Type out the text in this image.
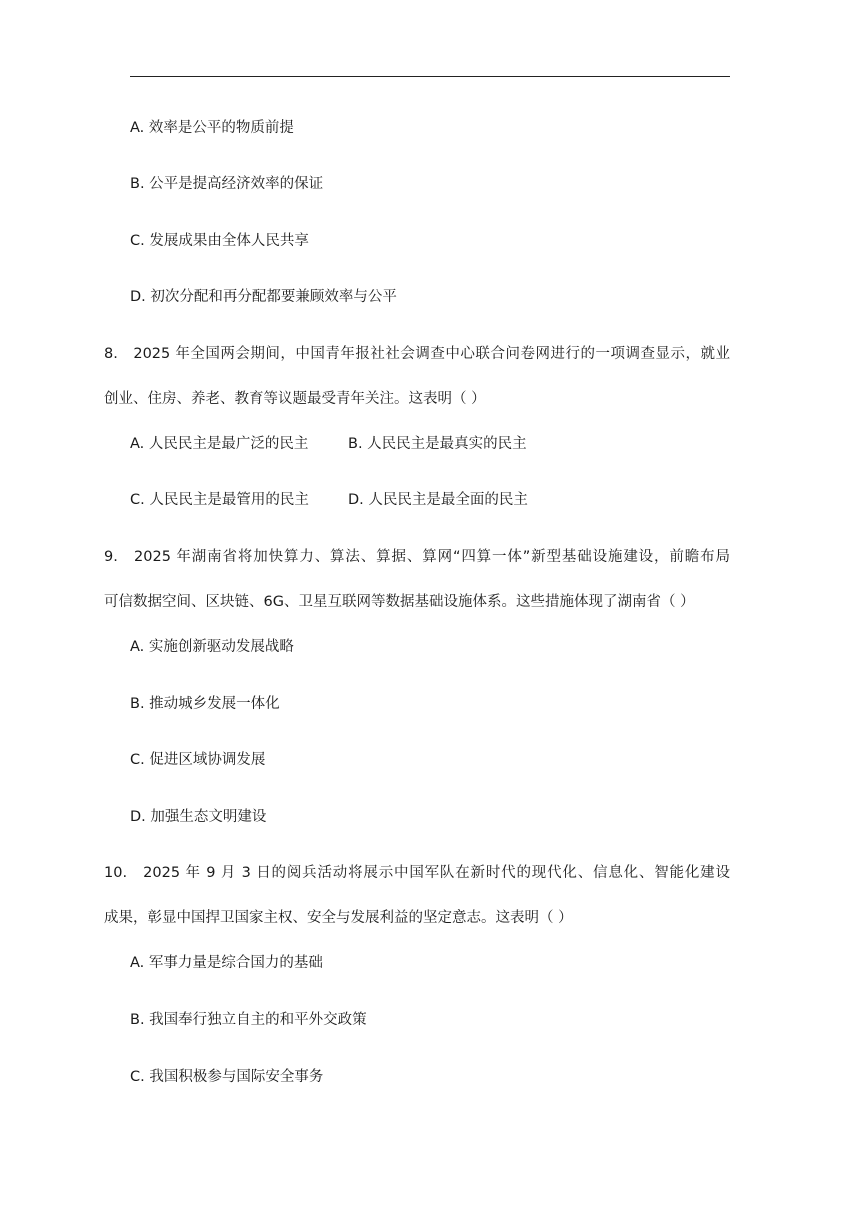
A. 效率是公平的物质前提
B. 公平是提高经济效率的保证
C. 发展成果由全体人民共享
D. 初次分配和再分配都要兼顾效率与公平
8.　2025 年全国两会期间，中国青年报社社会调查中心联合问卷网进行的一项调查显示，就业
创业、住房、养老、教育等议题最受青年关注。这表明（ ）
A. 人民民主是最广泛的民主	B. 人民民主是最真实的民主
C. 人民民主是最管用的民主	D. 人民民主是最全面的民主
9.　2025 年湖南省将加快算力、算法、算据、算网“四算一体”新型基础设施建设，前瞻布局
可信数据空间、区块链、6G、卫星互联网等数据基础设施体系。这些措施体现了湖南省（ ）
A. 实施创新驱动发展战略
B. 推动城乡发展一体化
C. 促进区域协调发展
D. 加强生态文明建设
10.　2025 年 9 月 3 日的阅兵活动将展示中国军队在新时代的现代化、信息化、智能化建设
成果，彰显中国捍卫国家主权、安全与发展利益的坚定意志。这表明（ ）
A. 军事力量是综合国力的基础
B. 我国奉行独立自主的和平外交政策
C. 我国积极参与国际安全事务
